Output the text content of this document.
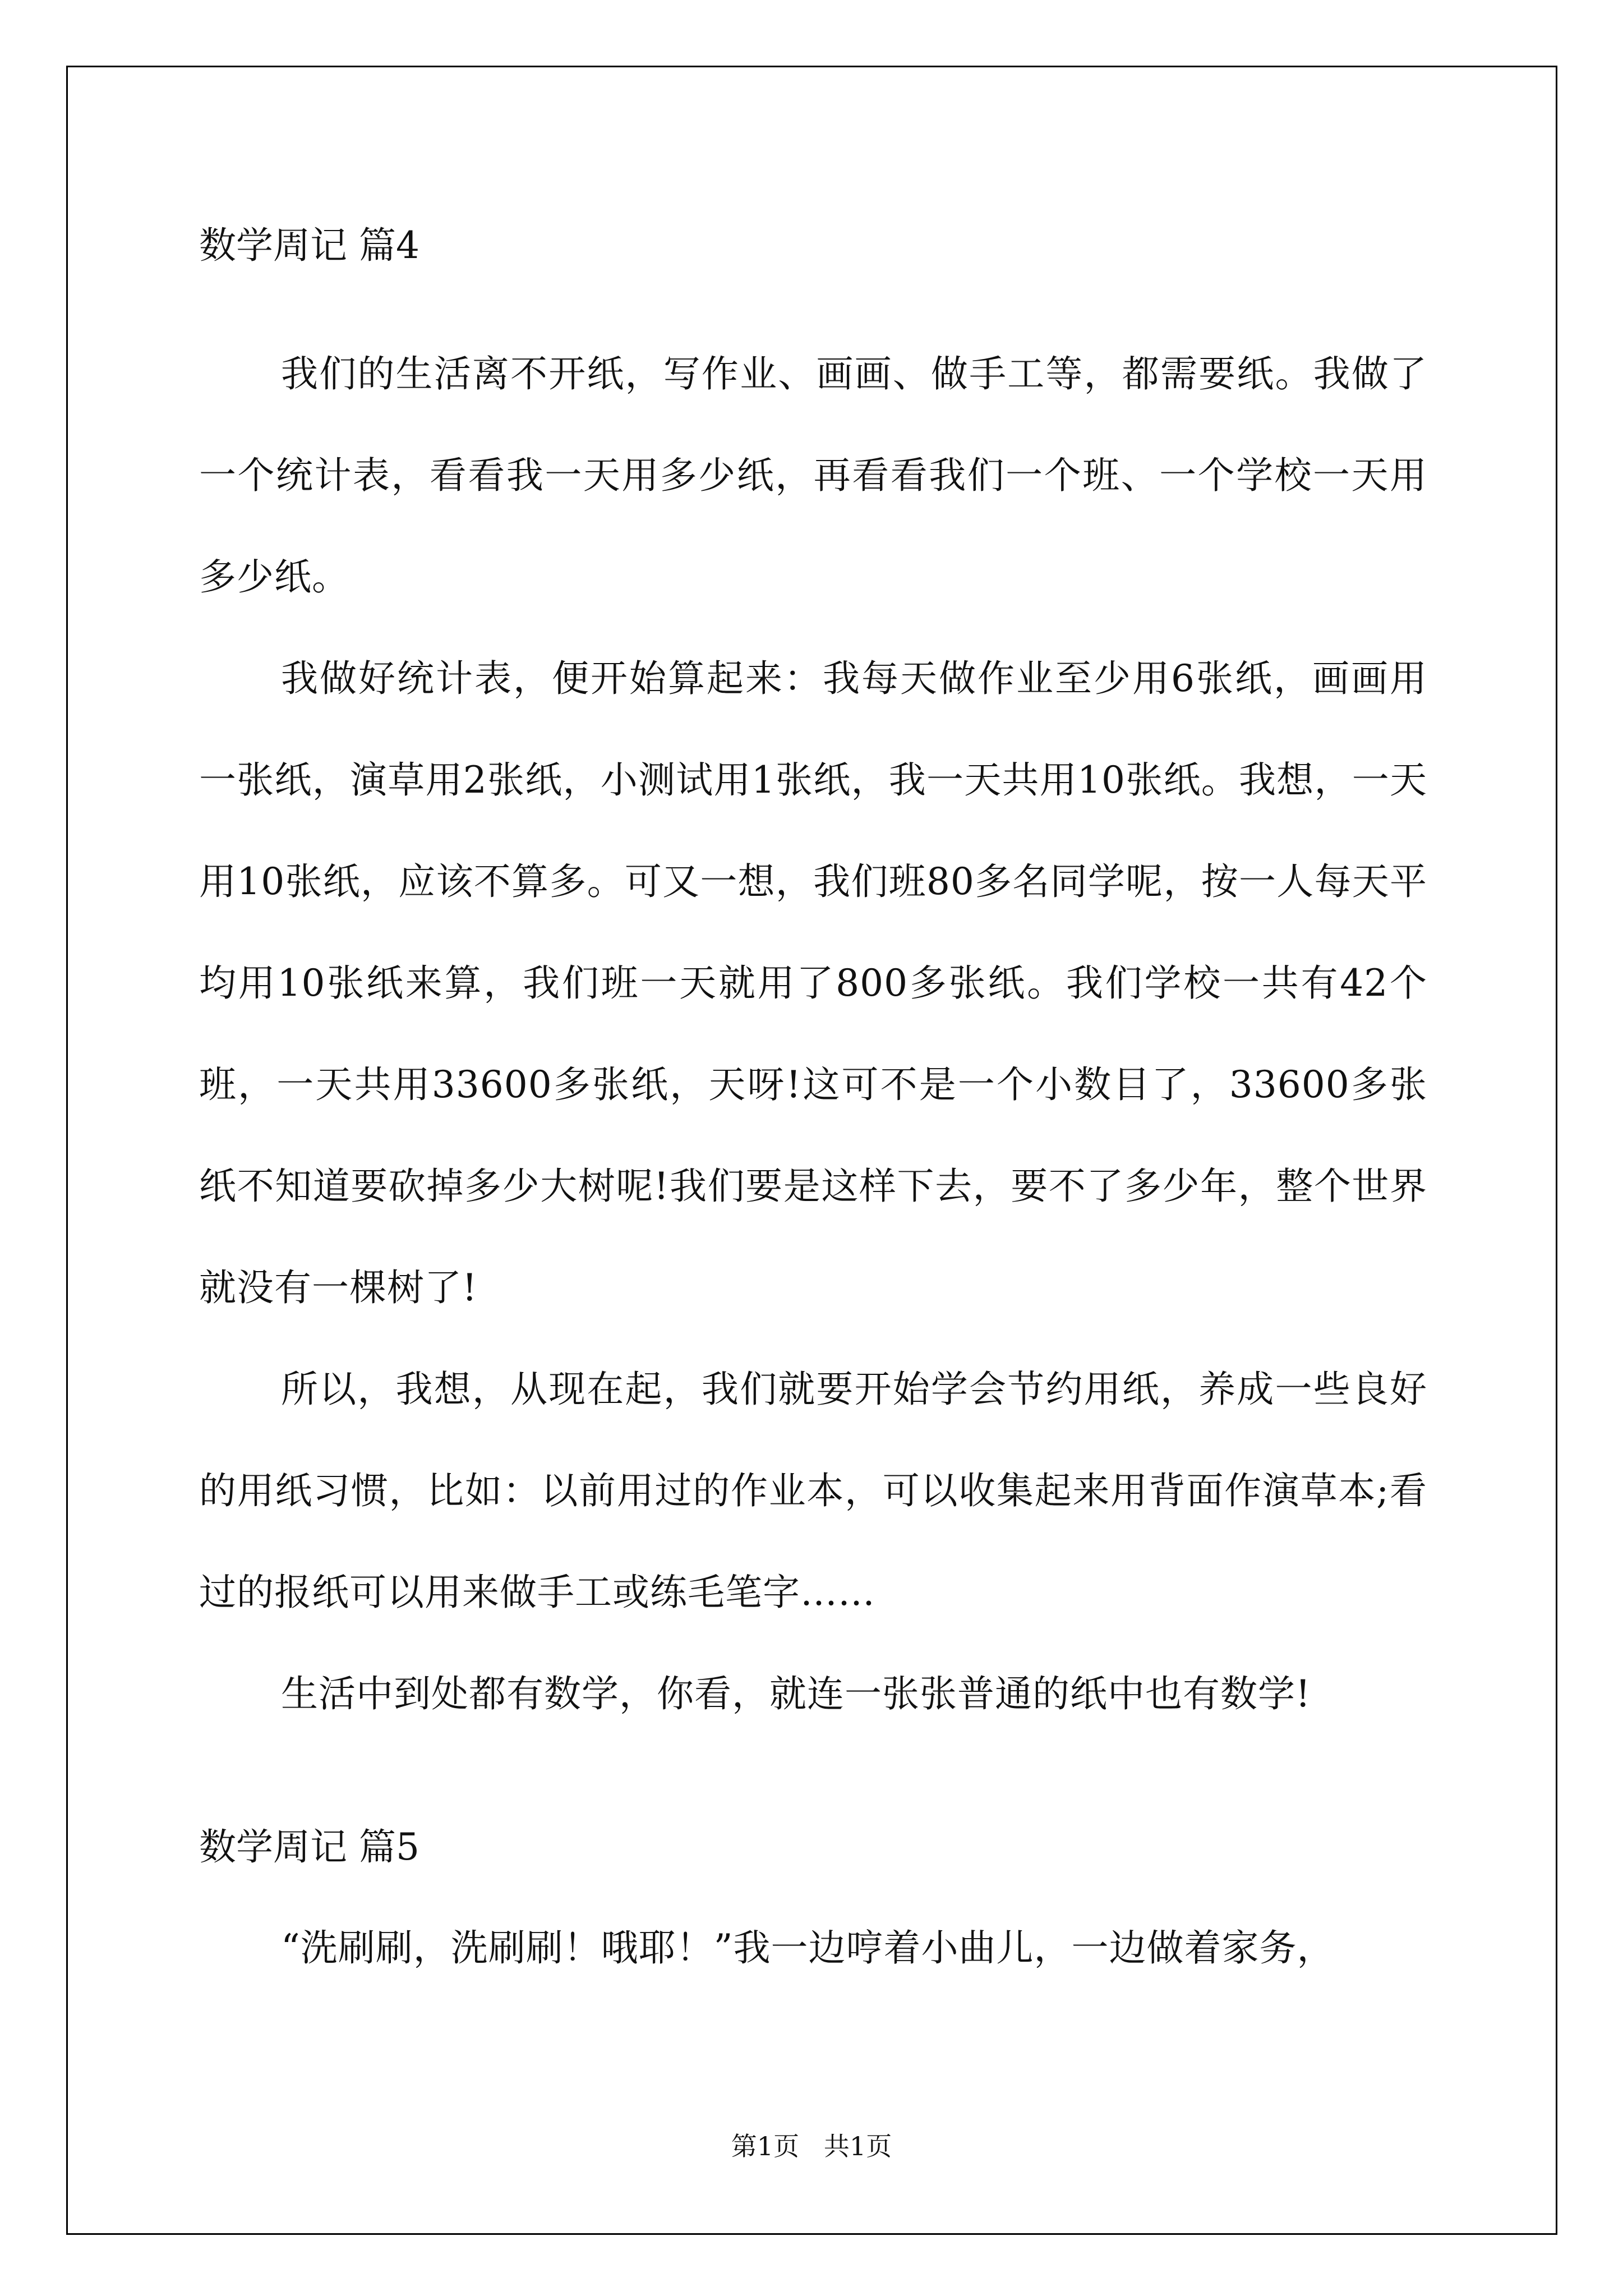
数学周记 篇4

我们的生活离不开纸，写作业、画画、做手工等，都需要纸。我做了一个统计表，看看我一天用多少纸，再看看我们一个班、一个学校一天用多少纸。

我做好统计表，便开始算起来：我每天做作业至少用6张纸，画画用一张纸，演草用2张纸，小测试用1张纸，我一天共用10张纸。我想，一天用10张纸，应该不算多。可又一想，我们班80多名同学呢，按一人每天平均用10张纸来算，我们班一天就用了800多张纸。我们学校一共有42个班，一天共用33600多张纸，天呀!这可不是一个小数目了，33600多张纸不知道要砍掉多少大树呢!我们要是这样下去，要不了多少年，整个世界就没有一棵树了!

所以，我想，从现在起，我们就要开始学会节约用纸，养成一些良好的用纸习惯，比如：以前用过的作业本，可以收集起来用背面作演草本;看过的报纸可以用来做手工或练毛笔字……

生活中到处都有数学，你看，就连一张张普通的纸中也有数学!

数学周记 篇5
“洗刷刷，洗刷刷！哦耶！”我一边哼着小曲儿，一边做着家务，
第1页   共1页
